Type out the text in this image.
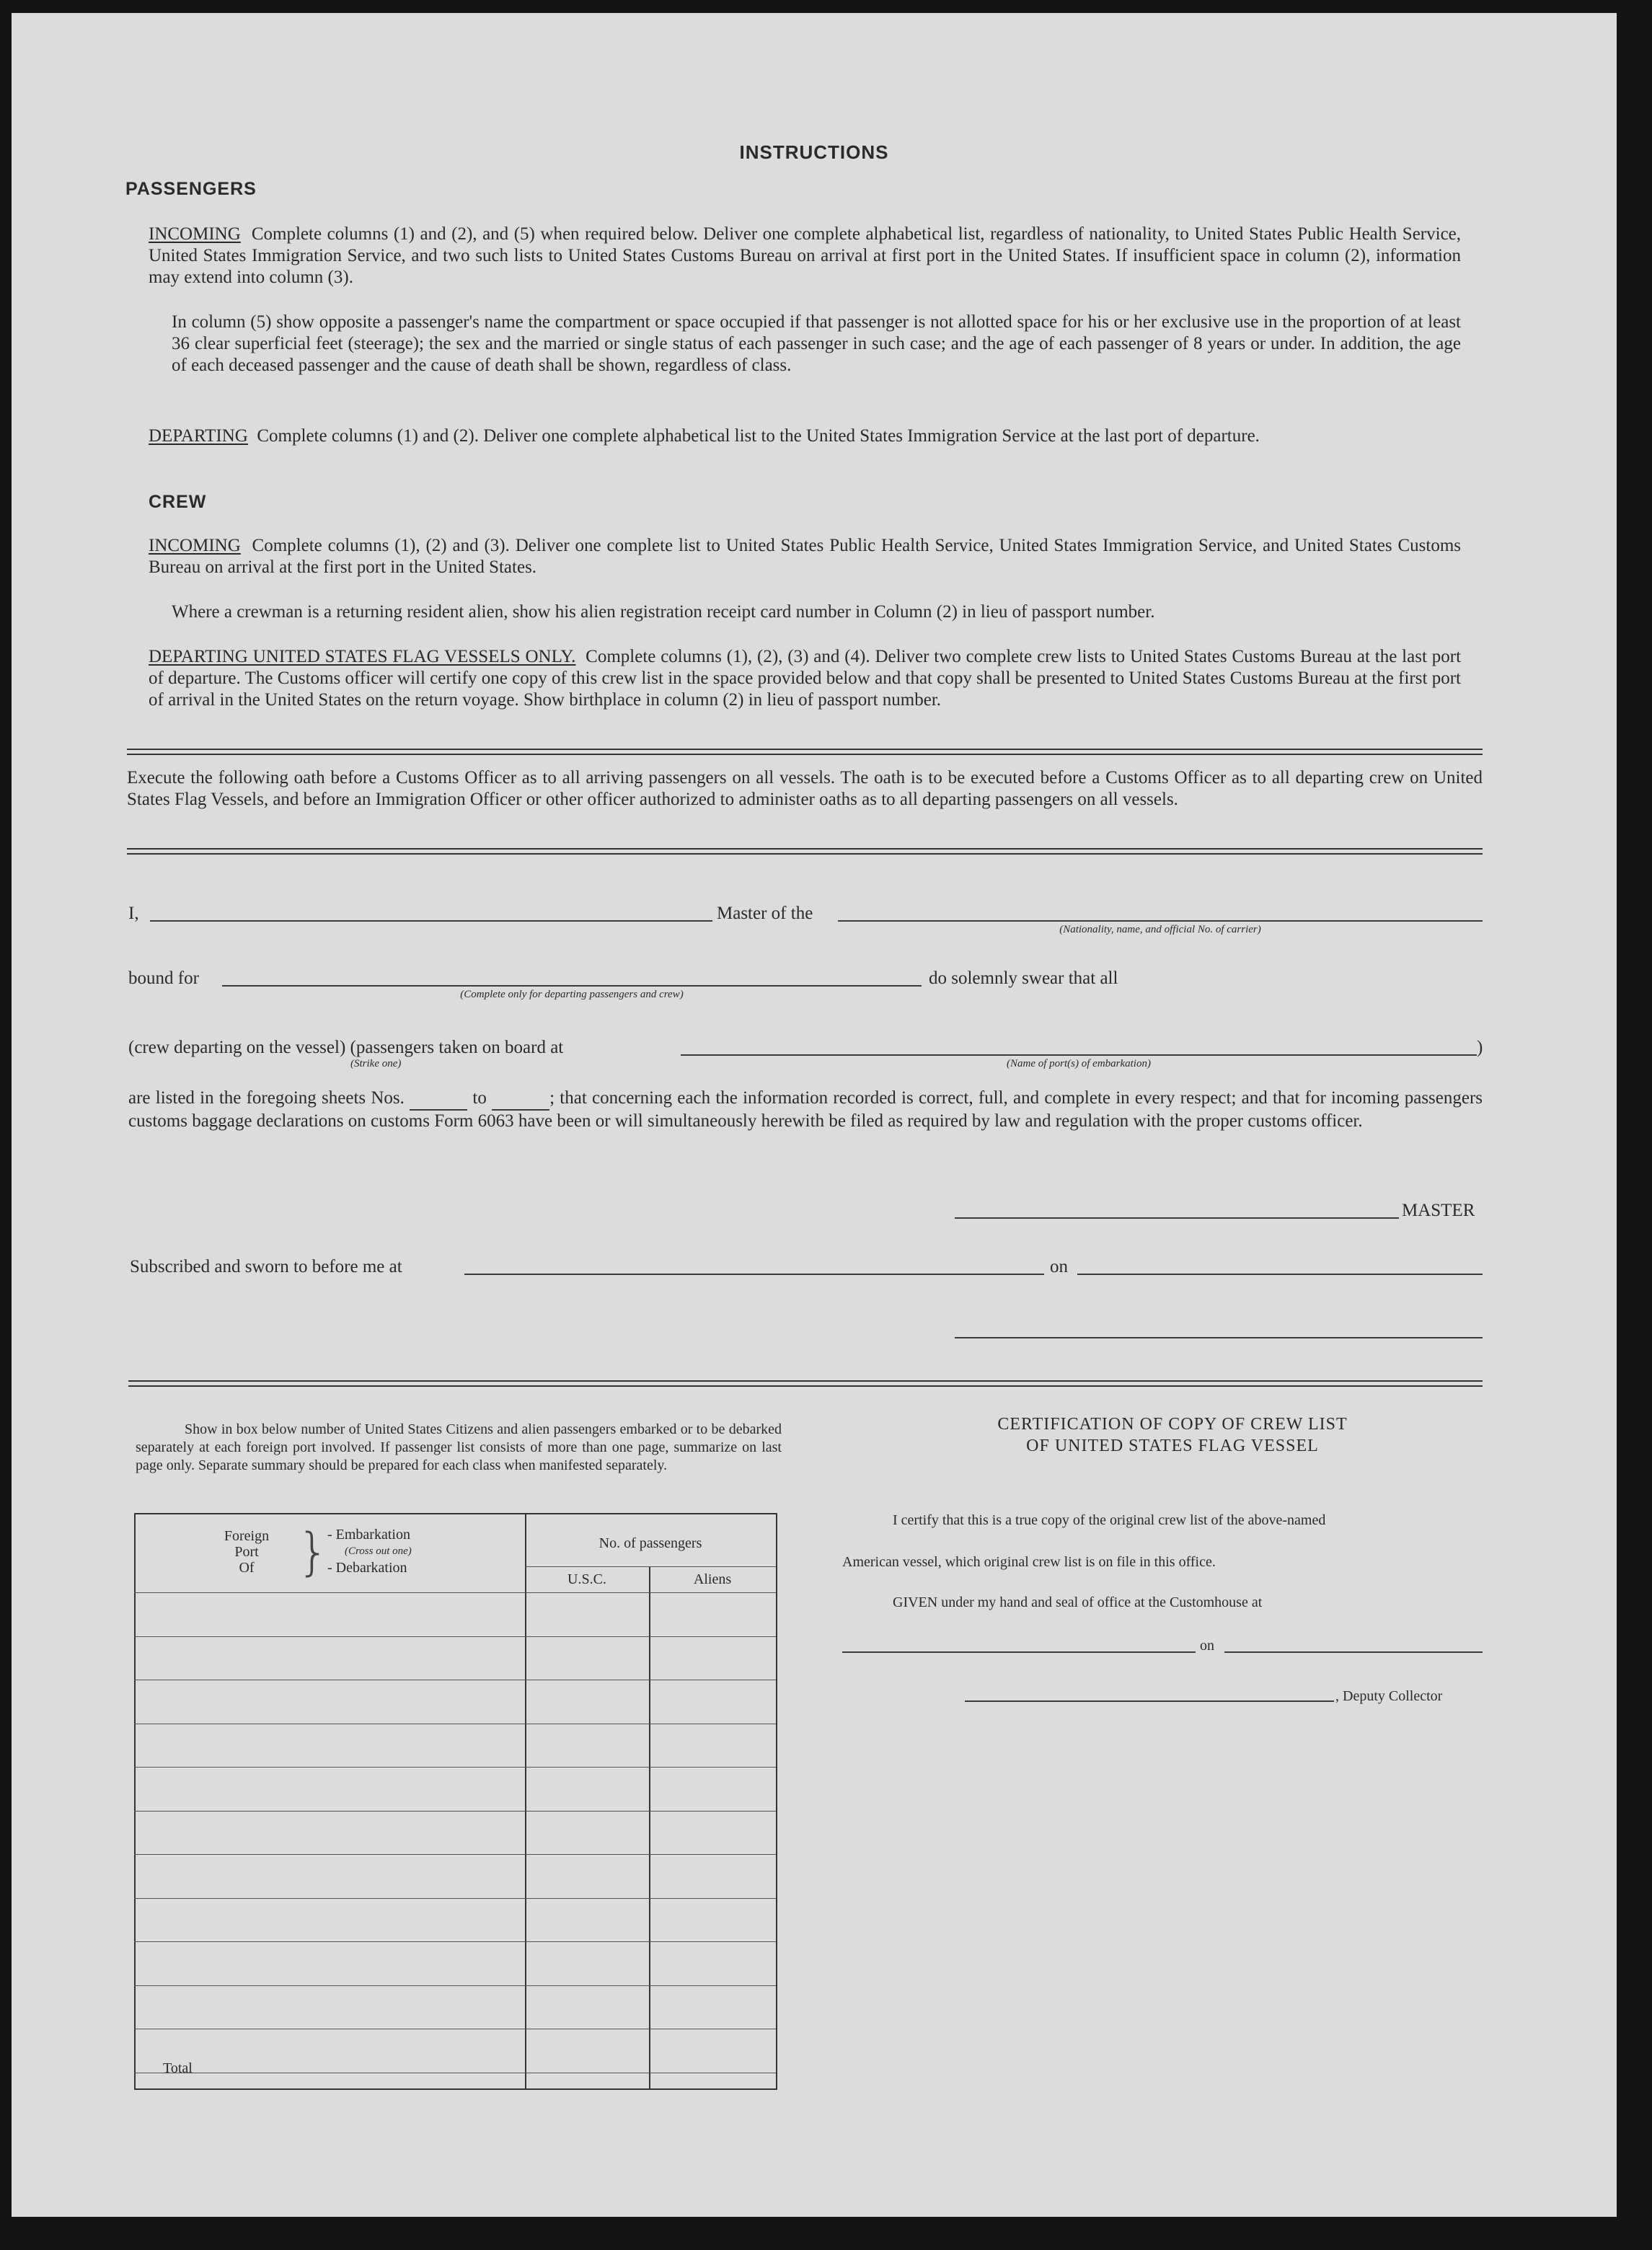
INSTRUCTIONS
PASSENGERS
INCOMING Complete columns (1) and (2), and (5) when required below. Deliver one complete alphabetical list, regardless of nationality, to United States Public Health Service, United States Immigration Service, and two such lists to United States Customs Bureau on arrival at first port in the United States. If insufficient space in column (2), information may extend into column (3).
In column (5) show opposite a passenger's name the compartment or space occupied if that passenger is not allotted space for his or her exclusive use in the proportion of at least 36 clear superficial feet (steerage); the sex and the married or single status of each passenger in such case; and the age of each passenger of 8 years or under. In addition, the age of each deceased passenger and the cause of death shall be shown, regardless of class.
DEPARTING Complete columns (1) and (2). Deliver one complete alphabetical list to the United States Immigration Service at the last port of departure.
CREW
INCOMING Complete columns (1), (2) and (3). Deliver one complete list to United States Public Health Service, United States Immigration Service, and United States Customs Bureau on arrival at the first port in the United States.
Where a crewman is a returning resident alien, show his alien registration receipt card number in Column (2) in lieu of passport number.
DEPARTING UNITED STATES FLAG VESSELS ONLY. Complete columns (1), (2), (3) and (4). Deliver two complete crew lists to United States Customs Bureau at the last port of departure. The Customs officer will certify one copy of this crew list in the space provided below and that copy shall be presented to United States Customs Bureau at the first port of arrival in the United States on the return voyage. Show birthplace in column (2) in lieu of passport number.
Execute the following oath before a Customs Officer as to all arriving passengers on all vessels. The oath is to be executed before a Customs Officer as to all departing crew on United States Flag Vessels, and before an Immigration Officer or other officer authorized to administer oaths as to all departing passengers on all vessels.
I,	Master of the
(Nationality, name, and official No. of carrier)
bound for
(Complete only for departing passengers and crew)
do solemnly swear that all
(crew departing on the vessel) (passengers taken on board at
(Strike one)	(Name of port(s) of embarkation)
)
are listed in the foregoing sheets Nos.	to	; that concerning each the information recorded is correct, full, and complete in every respect; and that for incoming passengers customs baggage declarations on customs Form 6063 have been or will simultaneously herewith be filed as required by law and regulation with the proper customs officer.
MASTER
Subscribed and sworn to before me at	on
Show in box below number of United States Citizens and alien passengers embarked or to be debarked separately at each foreign port involved. If passenger list consists of more than one page, summarize on last page only. Separate summary should be prepared for each class when manifested separately.
Foreign
Port
Of }
- Embarkation
(Cross out one)
- Debarkation
No. of passengers
U.S.C.	Aliens
Total
CERTIFICATION OF COPY OF CREW LIST
OF UNITED STATES FLAG VESSEL
I certify that this is a true copy of the original crew list of the above-named
American vessel, which original crew list is on file in this office.
GIVEN under my hand and seal of office at the Customhouse at
on
, Deputy Collector
